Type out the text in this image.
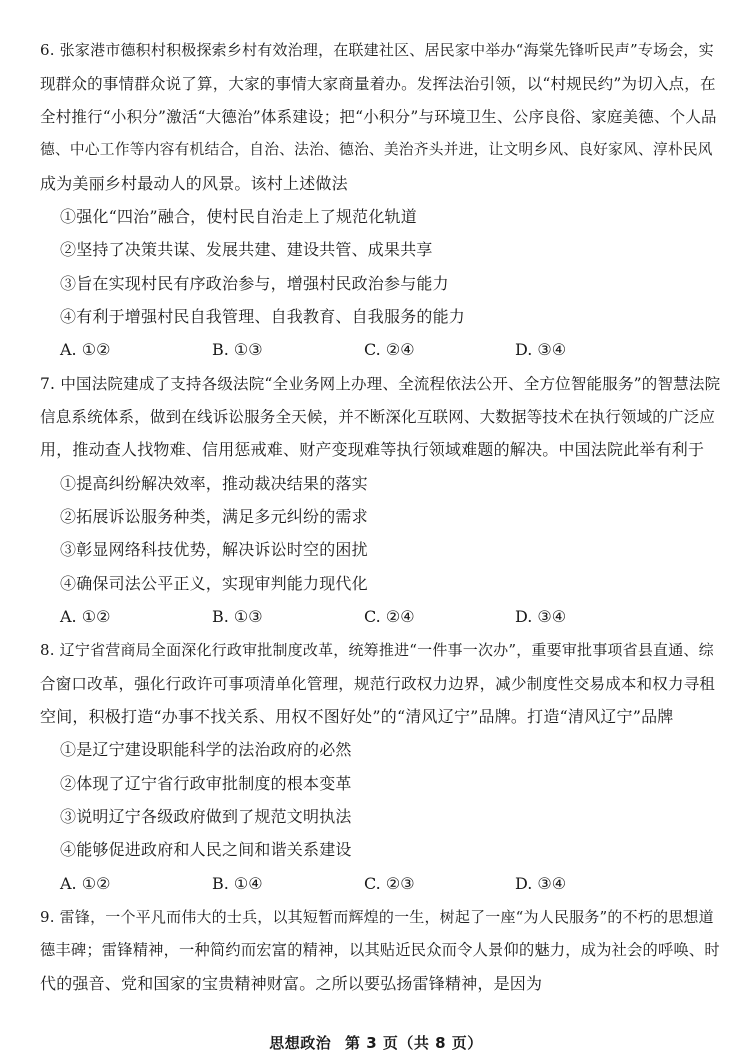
6. 张家港市德积村积极探索乡村有效治理，在联建社区、居民家中举办“海棠先锋听民声”专场会，实
现群众的事情群众说了算，大家的事情大家商量着办。发挥法治引领，以“村规民约”为切入点，在
全村推行“小积分”激活“大德治”体系建设；把“小积分”与环境卫生、公序良俗、家庭美德、个人品
德、中心工作等内容有机结合，自治、法治、德治、美治齐头并进，让文明乡风、良好家风、淳朴民风
成为美丽乡村最动人的风景。该村上述做法
①强化“四治”融合，使村民自治走上了规范化轨道
②坚持了决策共谋、发展共建、建设共管、成果共享
③旨在实现村民有序政治参与，增强村民政治参与能力
④有利于增强村民自我管理、自我教育、自我服务的能力
A. ①②	B. ①③	C. ②④	D. ③④
7. 中国法院建成了支持各级法院“全业务网上办理、全流程依法公开、全方位智能服务”的智慧法院
信息系统体系，做到在线诉讼服务全天候，并不断深化互联网、大数据等技术在执行领域的广泛应
用，推动查人找物难、信用惩戒难、财产变现难等执行领域难题的解决。中国法院此举有利于
①提高纠纷解决效率，推动裁决结果的落实
②拓展诉讼服务种类，满足多元纠纷的需求
③彰显网络科技优势，解决诉讼时空的困扰
④确保司法公平正义，实现审判能力现代化
A. ①②	B. ①③	C. ②④	D. ③④
8. 辽宁省营商局全面深化行政审批制度改革，统筹推进“一件事一次办”，重要审批事项省县直通、综
合窗口改革，强化行政许可事项清单化管理，规范行政权力边界，减少制度性交易成本和权力寻租
空间，积极打造“办事不找关系、用权不图好处”的“清风辽宁”品牌。打造“清风辽宁”品牌
①是辽宁建设职能科学的法治政府的必然
②体现了辽宁省行政审批制度的根本变革
③说明辽宁各级政府做到了规范文明执法
④能够促进政府和人民之间和谐关系建设
A. ①②	B. ①④	C. ②③	D. ③④
9. 雷锋，一个平凡而伟大的士兵，以其短暂而辉煌的一生，树起了一座“为人民服务”的不朽的思想道
德丰碑；雷锋精神，一种简约而宏富的精神，以其贴近民众而令人景仰的魅力，成为社会的呼唤、时
代的强音、党和国家的宝贵精神财富。之所以要弘扬雷锋精神，是因为
思想政治 第 3 页（共 8 页）
